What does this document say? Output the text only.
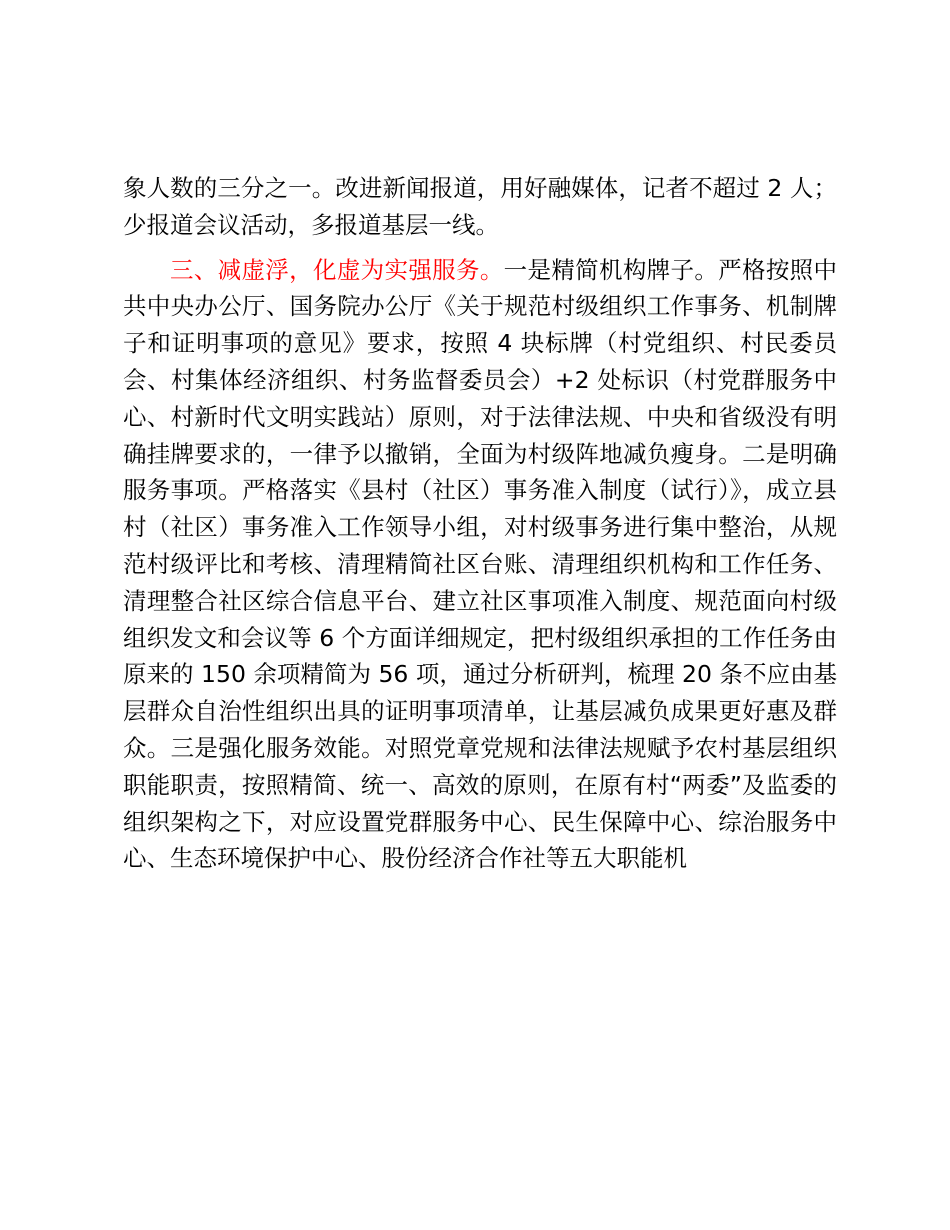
象人数的三分之一。改进新闻报道，用好融媒体，记者不超过 2 人；少报道会议活动，多报道基层一线。

三、减虚浮，化虚为实强服务。一是精简机构牌子。严格按照中共中央办公厅、国务院办公厅《关于规范村级组织工作事务、机制牌子和证明事项的意见》要求，按照 4 块标牌（村党组织、村民委员会、村集体经济组织、村务监督委员会）+2 处标识（村党群服务中心、村新时代文明实践站）原则，对于法律法规、中央和省级没有明确挂牌要求的，一律予以撤销，全面为村级阵地减负瘦身。二是明确服务事项。严格落实《县村（社区）事务准入制度（试行）》，成立县村（社区）事务准入工作领导小组，对村级事务进行集中整治，从规范村级评比和考核、清理精简社区台账、清理组织机构和工作任务、清理整合社区综合信息平台、建立社区事项准入制度、规范面向村级组织发文和会议等 6 个方面详细规定，把村级组织承担的工作任务由原来的 150 余项精简为 56 项，通过分析研判，梳理 20 条不应由基层群众自治性组织出具的证明事项清单，让基层减负成果更好惠及群众。三是强化服务效能。对照党章党规和法律法规赋予农村基层组织职能职责，按照精简、统一、高效的原则，在原有村“两委”及监委的组织架构之下，对应设置党群服务中心、民生保障中心、综治服务中心、生态环境保护中心、股份经济合作社等五大职能机
